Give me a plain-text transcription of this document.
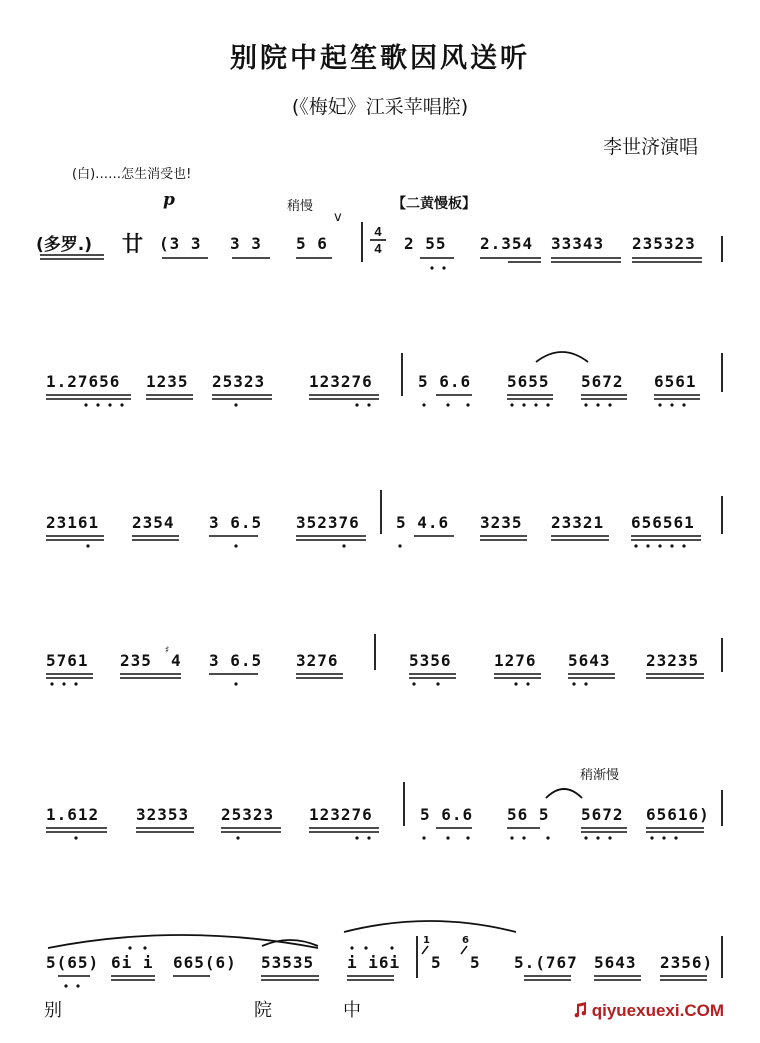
别院中起笙歌因风送听
(《梅妃》江采苹唱腔)
李世济演唱
(白)……怎生消受也!
p	稍慢
v
【二黄慢板】
(多罗.) 廿
4
4
(3 3 3 3 5 6	2 55 2.354 33343 235323
1.27656 1235 25323	123276	5 6.6 5655 5672 6561
23161 2354 3 6.5 352376 5 4.6 3235 23321 656561
5761 235
♯
4 3 6.5 3276	5356	1276 5643 23235
稍渐慢
1.612 32353 25323 123276	5 6.6 56 5 5672 65616)
5(65) 6i i 665(6) 53535 i i6i
1
5
6
5 5.(767 5643 2356)
别	院	中	qiyuexuexi.COM
